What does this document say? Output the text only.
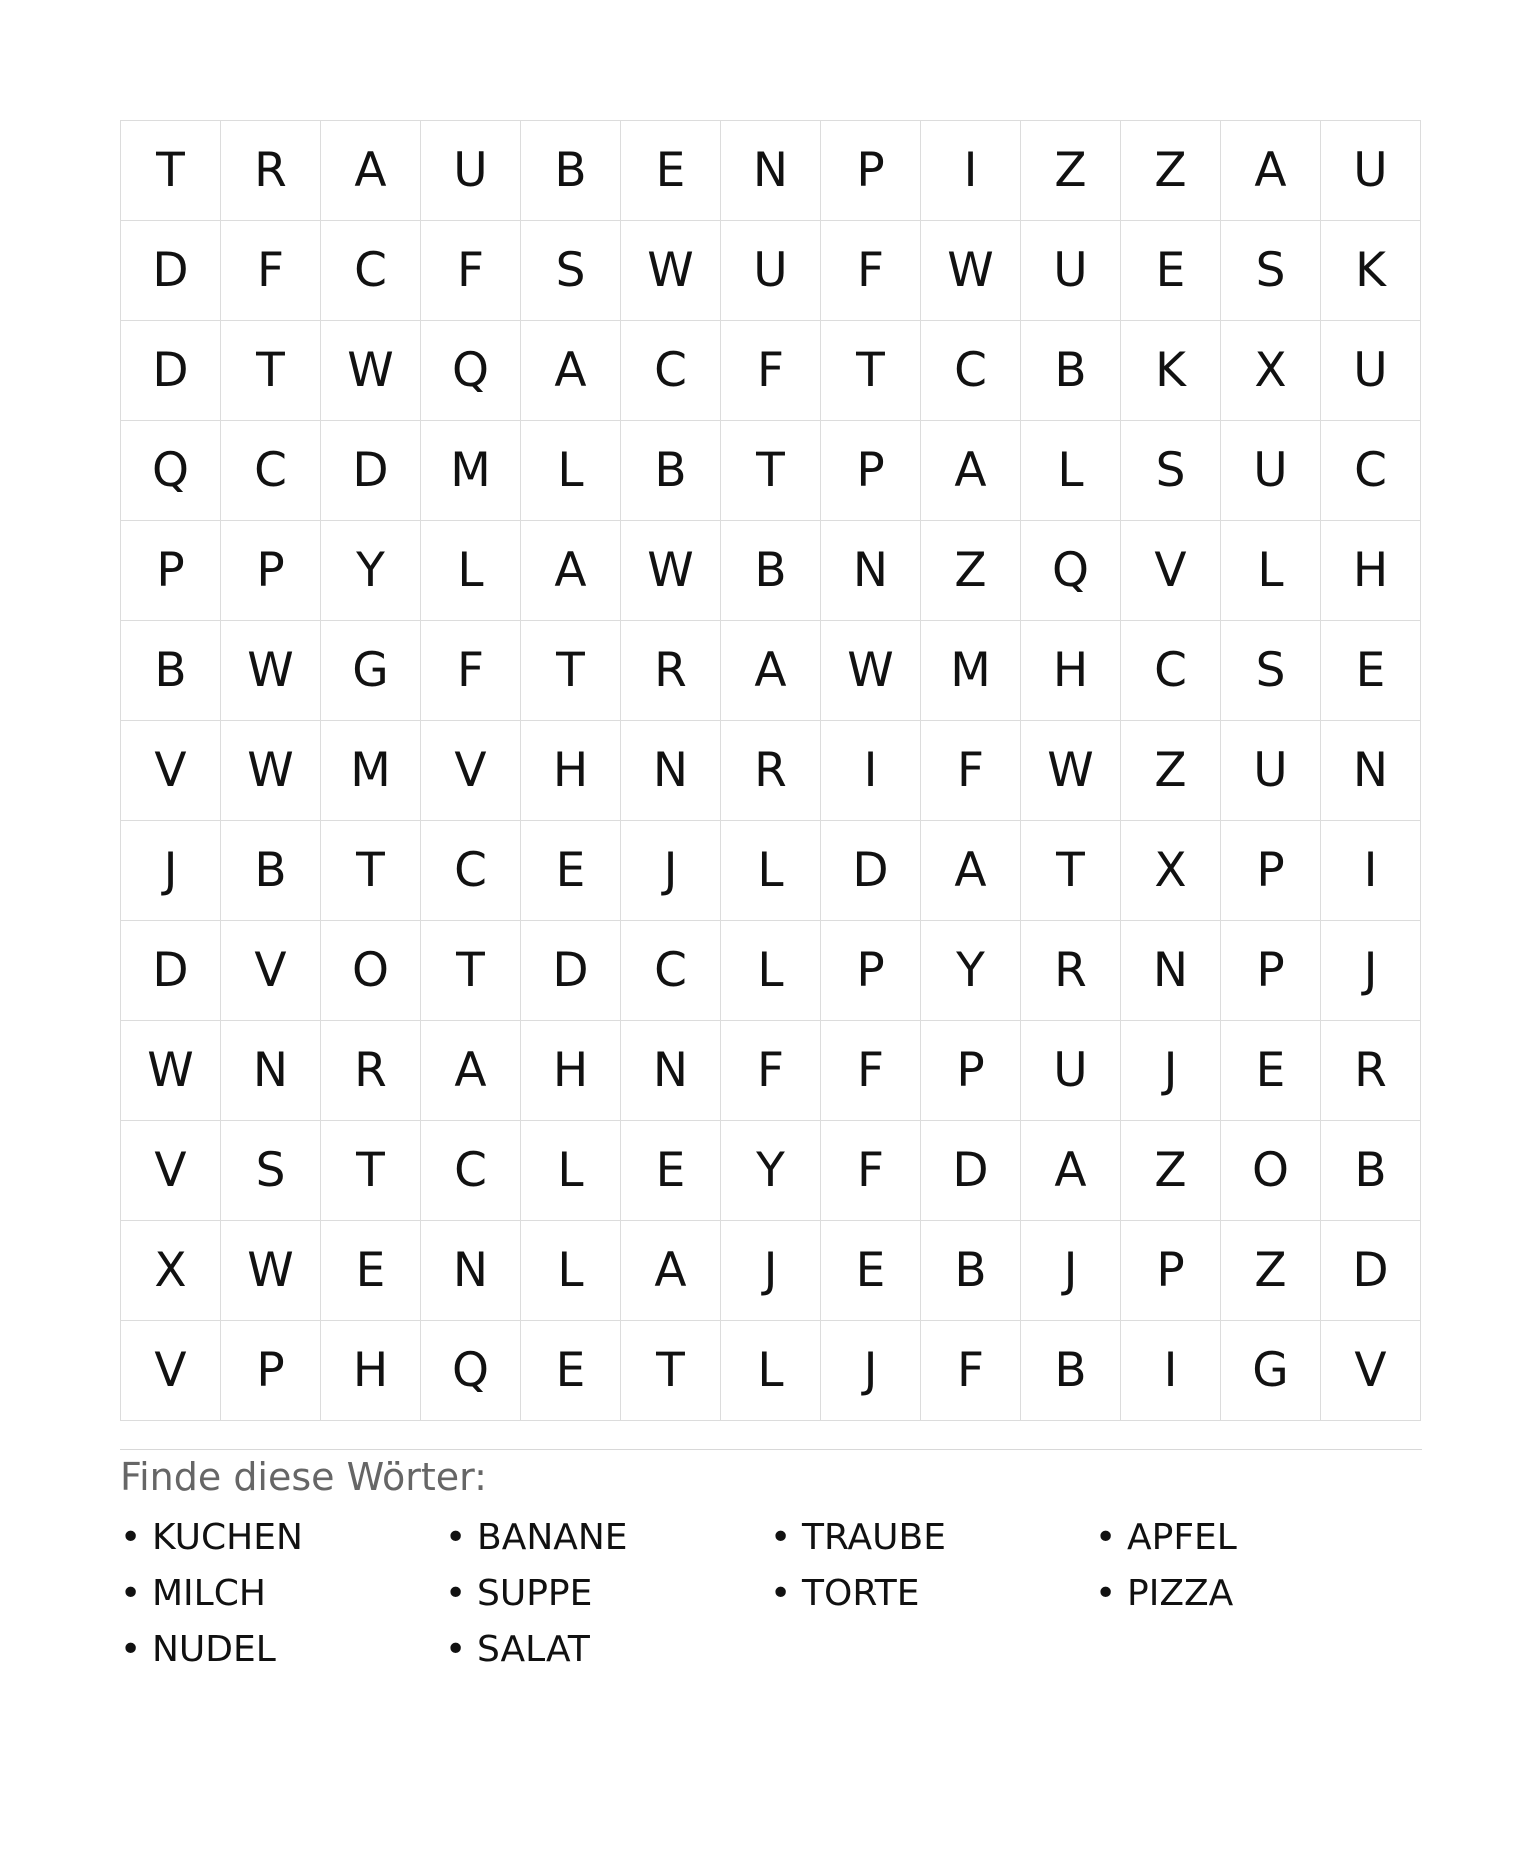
T	R	A	U	B	E	N	P	I	Z	Z	A	U
D	F	C	F	S	W	U	F	W	U	E	S	K
D	T	W	Q	A	C	F	T	C	B	K	X	U
Q	C	D	M	L	B	T	P	A	L	S	U	C
P	P	Y	L	A	W	B	N	Z	Q	V	L	H
B	W	G	F	T	R	A	W	M	H	C	S	E
V	W	M	V	H	N	R	I	F	W	Z	U	N
J	B	T	C	E	J	L	D	A	T	X	P	I
D	V	O	T	D	C	L	P	Y	R	N	P	J
W	N	R	A	H	N	F	F	P	U	J	E	R
V	S	T	C	L	E	Y	F	D	A	Z	O	B
X	W	E	N	L	A	J	E	B	J	P	Z	D
V	P	H	Q	E	T	L	J	F	B	I	G	V
Finde diese Wörter:
• KUCHEN	• BANANE	• TRAUBE	• APFEL
• MILCH	• SUPPE	• TORTE	• PIZZA
• NUDEL	• SALAT
